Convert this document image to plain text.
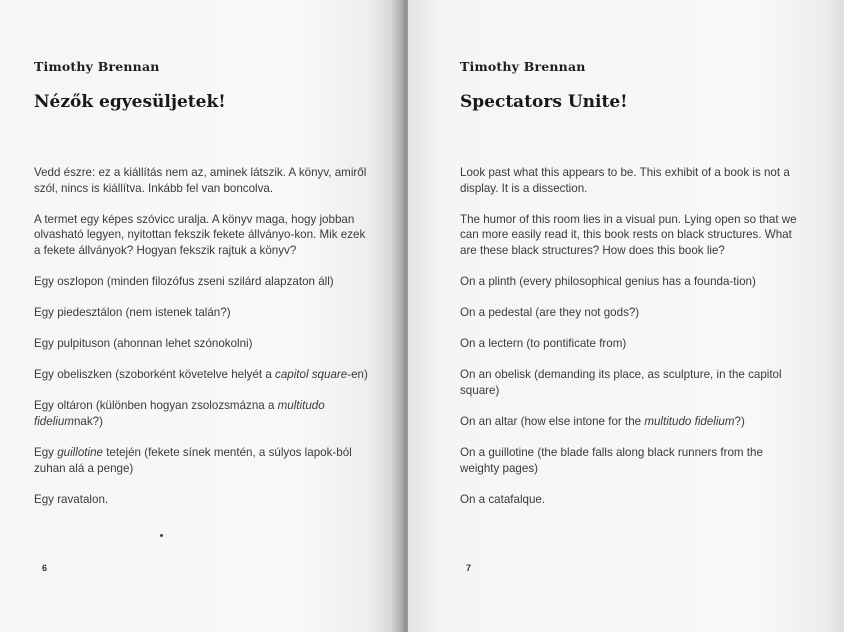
Timothy Brennan
Nézők egyesüljetek!

Vedd észre: ez a kiállítás nem az, aminek látszik. A könyv, amiről szól, nincs is kiállítva. Inkább fel van boncolva.

A termet egy képes szóvicc uralja. A könyv maga, hogy jobban olvasható legyen, nyitottan fekszik fekete állványo-kon. Mik ezek a fekete állványok? Hogyan fekszik rajtuk a könyv?

Egy oszlopon (minden filozófus zseni szilárd alapzaton áll)

Egy piedesztálon (nem istenek talán?)

Egy pulpituson (ahonnan lehet szónokolni)

Egy obeliszken (szoborként követelve helyét a capitol square-en)

Egy oltáron (különben hogyan zsolozsmázna a multitudo fideliumnak?)

Egy guillotine tetején (fekete sínek mentén, a súlyos lapok-ból zuhan alá a penge)

Egy ravatalon.

6
Timothy Brennan
Spectators Unite!

Look past what this appears to be. This exhibit of a book is not a display. It is a dissection.

The humor of this room lies in a visual pun. Lying open so that we can more easily read it, this book rests on black structures. What are these black structures? How does this book lie?

On a plinth (every philosophical genius has a founda-tion)

On a pedestal (are they not gods?)

On a lectern (to pontificate from)

On an obelisk (demanding its place, as sculpture, in the capitol square)

On an altar (how else intone for the multitudo fidelium?)

On a guillotine (the blade falls along black runners from the weighty pages)

On a catafalque.

7
